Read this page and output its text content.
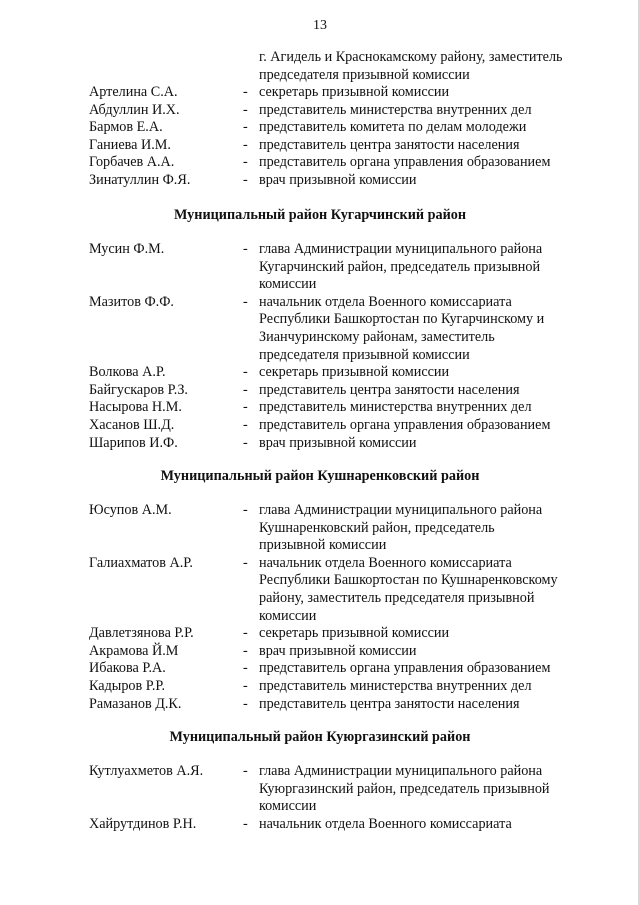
13
г. Агидель и Краснокамскому району, заместитель
председателя призывной комиссии
Артелина С.А.	- секретарь призывной комиссии
Абдуллин И.Х.	- представитель министерства внутренних дел
Бармов Е.А.	- представитель комитета по делам молодежи
Ганиева И.М.	- представитель центра занятости населения
Горбачев А.А.	- представитель органа управления образованием
Зинатуллин Ф.Я.	- врач призывной комиссии
Муниципальный район Кугарчинский район
Мусин Ф.М.	- глава Администрации муниципального района
Кугарчинский район, председатель призывной
комиссии
Мазитов Ф.Ф.	- начальник отдела Военного комиссариата
Республики Башкортостан по Кугарчинскому и
Зианчуринскому районам, заместитель
председателя призывной комиссии
Волкова А.Р.	- секретарь призывной комиссии
Байгускаров Р.З.	- представитель центра занятости населения
Насырова Н.М.	- представитель министерства внутренних дел
Хасанов Ш.Д.	- представитель органа управления образованием
Шарипов И.Ф.	- врач призывной комиссии
Муниципальный район Кушнаренковский район
Юсупов А.М.	- глава Администрации муниципального района
Кушнаренковский район, председатель
призывной комиссии
Галиахматов А.Р.	- начальник отдела Военного комиссариата
Республики Башкортостан по Кушнаренковскому
району, заместитель председателя призывной
комиссии
Давлетзянова Р.Р.	- секретарь призывной комиссии
Акрамова Й.М	- врач призывной комиссии
Ибакова Р.А.	- представитель органа управления образованием
Кадыров Р.Р.	- представитель министерства внутренних дел
Рамазанов Д.К.	- представитель центра занятости населения
Муниципальный район Куюргазинский район
Кутлуахметов А.Я.	- глава Администрации муниципального района
Куюргазинский район, председатель призывной
комиссии
Хайрутдинов Р.Н.	- начальник отдела Военного комиссариата
